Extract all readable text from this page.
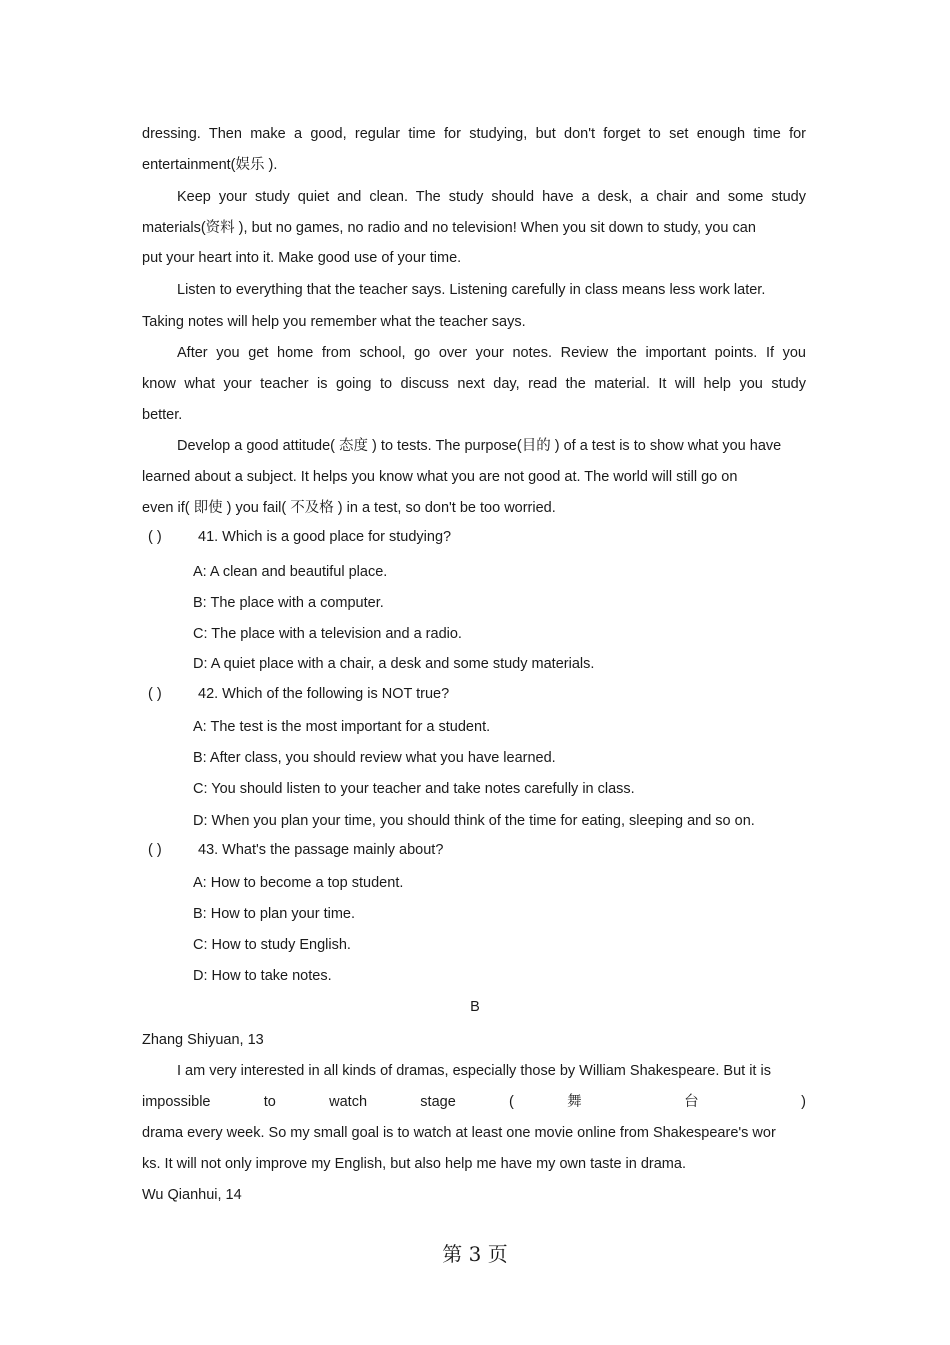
dressing. Then make a good, regular time for studying, but don't forget to set enough time for
entertainment(娱乐 ).
Keep your study quiet and clean. The study should have a desk, a chair and some study
materials(资料 ), but no games, no radio and no television! When you sit down to study, you can
put your heart into it. Make good use of your time.
Listen to everything that the teacher says. Listening carefully in class means less work later.
Taking notes will help you remember what the teacher says.
After you get home from school, go over your notes. Review the important points. If you
know what your teacher is going to discuss next day, read the material. It will help you study
better.
Develop a good attitude( 态度 ) to tests. The purpose(目的 ) of a test is to show what you have
learned about a subject. It helps you know what you are not good at. The world will still go on
even if( 即使 ) you fail( 不及格 ) in a test, so don't be too worried.
( )	41. Which is a good place for studying?
A: A clean and beautiful place.
B: The place with a computer.
C: The place with a television and a radio.
D: A quiet place with a chair, a desk and some study materials.
( )	42. Which of the following is NOT true?
A: The test is the most important for a student.
B: After class, you should review what you have learned.
C: You should listen to your teacher and take notes carefully in class.
D: When you plan your time, you should think of the time for eating, sleeping and so on.
( )	43. What's the passage mainly about?
A: How to become a top student.
B: How to plan your time.
C: How to study English.
D: How to take notes.
B
Zhang Shiyuan, 13
I am very interested in all kinds of dramas, especially those by William Shakespeare. But it is
impossible to watch stage ( 舞 台 )
drama every week. So my small goal is to watch at least one movie online from Shakespeare's wor
ks. It will not only improve my English, but also help me have my own taste in drama.
Wu Qianhui, 14
第 3 页
